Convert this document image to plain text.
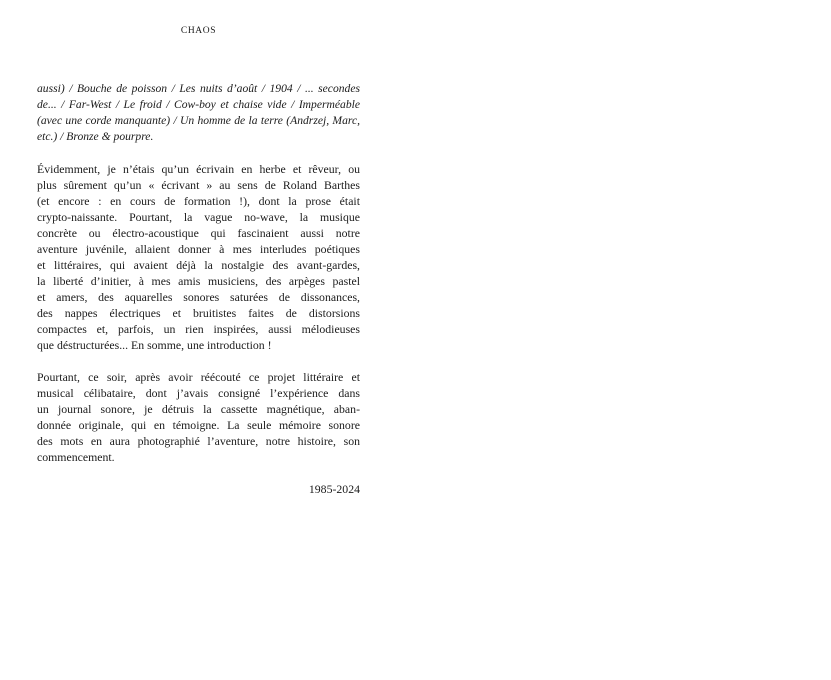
CHAOS
aussi) / Bouche de poisson / Les nuits d’août / 1904 / ... secondes
de... / Far-West / Le froid / Cow-boy et chaise vide / Imperméable
(avec une corde manquante) / Un homme de la terre (Andrzej, Marc,
etc.) / Bronze & pourpre.
Évidemment, je n’étais qu’un écrivain en herbe et rêveur, ou
plus sûrement qu’un « écrivant » au sens de Roland Barthes
(et encore : en cours de formation !), dont la prose était
crypto-naissante. Pourtant, la vague no-wave, la musique
concrète ou électro-acoustique qui fascinaient aussi notre
aventure juvénile, allaient donner à mes interludes poétiques
et littéraires, qui avaient déjà la nostalgie des avant-gardes,
la liberté d’initier, à mes amis musiciens, des arpèges pastel
et amers, des aquarelles sonores saturées de dissonances,
des nappes électriques et bruitistes faites de distorsions
compactes et, parfois, un rien inspirées, aussi mélodieuses
que déstructurées... En somme, une introduction !
Pourtant, ce soir, après avoir réécouté ce projet littéraire et
musical célibataire, dont j’avais consigné l’expérience dans
un journal sonore, je détruis la cassette magnétique, aban-
donnée originale, qui en témoigne. La seule mémoire sonore
des mots en aura photographié l’aventure, notre histoire, son
commencement.
1985-2024
